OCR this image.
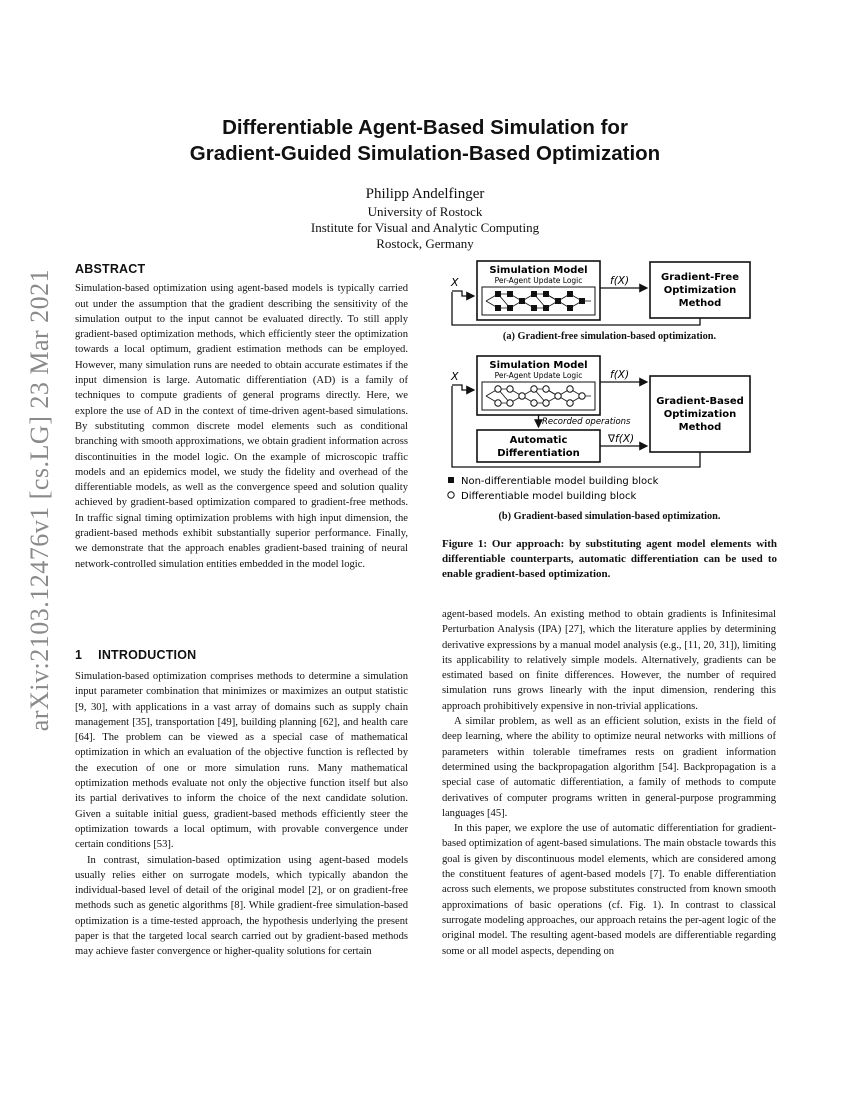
arXiv:2103.12476v1 [cs.LG] 23 Mar 2021
Differentiable Agent-Based Simulation for
Gradient-Guided Simulation-Based Optimization
Philipp Andelfinger
University of Rostock
Institute for Visual and Analytic Computing
Rostock, Germany
ABSTRACT

Simulation-based optimization using agent-based models is typically carried out under the assumption that the gradient describing the sensitivity of the simulation output to the input cannot be evaluated directly. To still apply gradient-based optimization methods, which efficiently steer the optimization towards a local optimum, gradient estimation methods can be employed. However, many simulation runs are needed to obtain accurate estimates if the input dimension is large. Automatic differentiation (AD) is a family of techniques to compute gradients of general programs directly. Here, we explore the use of AD in the context of time-driven agent-based simulations. By substituting common discrete model elements such as conditional branching with smooth approximations, we obtain gradient information across discontinuities in the model logic. On the example of microscopic traffic models and an epidemics model, we study the fidelity and overhead of the differentiable models, as well as the convergence speed and solution quality achieved by gradient-based optimization compared to gradient-free methods. In traffic signal timing optimization problems with high input dimension, the gradient-based methods exhibit substantially superior performance. Finally, we demonstrate that the approach enables gradient-based training of neural network-controlled simulation entities embedded in the model logic.

1 INTRODUCTION

Simulation-based optimization comprises methods to determine a simulation input parameter combination that minimizes or maximizes an output statistic [9, 30], with applications in a vast array of domains such as supply chain management [35], transportation [49], building planning [62], and health care [64]. The problem can be viewed as a special case of mathematical optimization in which an evaluation of the objective function is reflected by the execution of one or more simulation runs. Many mathematical optimization methods evaluate not only the objective function itself but also its partial derivatives to inform the choice of the next candidate solution. Given a suitable initial guess, gradient-based methods efficiently steer the optimization towards a local optimum, with provable convergence under certain conditions [53].

In contrast, simulation-based optimization using agent-based models usually relies either on surrogate models, which typically abandon the individual-based level of detail of the original model [2], or on gradient-free methods such as genetic algorithms [8]. While gradient-free simulation-based optimization is a time-tested approach, the hypothesis underlying the present paper is that the targeted local search carried out by gradient-based methods may achieve faster convergence or higher-quality solutions for certain

X
Simulation Model
Per-Agent Update Logic	f(X)	Gradient-Free
Optimization
Method
X
Simulation Model
Per-Agent Update Logic	f(X)
Recorded operations
Automatic
Differentiation
∇f(X)
Gradient-Based
Optimization
Method
Non-differentiable model building block
Differentiable model building block
(a) Gradient-free simulation-based optimization.
(b) Gradient-based simulation-based optimization.
Figure 1: Our approach: by substituting agent model elements with differentiable counterparts, automatic differentiation can be used to enable gradient-based optimization.

agent-based models. An existing method to obtain gradients is Infinitesimal Perturbation Analysis (IPA) [27], which the literature applies by determining derivative expressions by a manual model analysis (e.g., [11, 20, 31]), limiting its applicability to relatively simple models. Alternatively, gradients can be estimated based on finite differences. However, the number of required simulation runs grows linearly with the input dimension, rendering this approach prohibitively expensive in non-trivial applications.

A similar problem, as well as an efficient solution, exists in the field of deep learning, where the ability to optimize neural networks with millions of parameters within tolerable timeframes rests on gradient information determined using the backpropagation algorithm [54]. Backpropagation is a special case of automatic differentiation, a family of methods to compute derivatives of computer programs written in general-purpose programming languages [45].

In this paper, we explore the use of automatic differentiation for gradient-based optimization of agent-based simulations. The main obstacle towards this goal is given by discontinuous model elements, which are considered among the constituent features of agent-based models [7]. To enable differentiation across such elements, we propose substitutes constructed from known smooth approximations of basic operations (cf. Fig. 1). In contrast to classical surrogate modeling approaches, our approach retains the per-agent logic of the original model. The resulting agent-based models are differentiable regarding some or all model aspects, depending on
